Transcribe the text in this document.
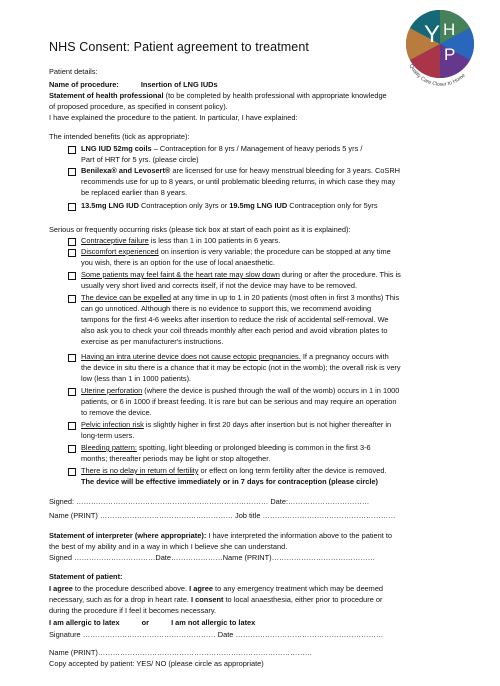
NHS Consent: Patient agreement to treatment	Y H
P
Quality Care Closer to Home
Patient details:
Name of procedure:	Insertion of LNG IUDs
Statement of health professional (to be completed by health professional with appropriate knowledge
of proposed procedure, as specified in consent policy).
I have explained the procedure to the patient. In particular, I have explained:
The intended benefits (tick as appropriate):
LNG IUD 52mg coils – Contraception for 8 yrs / Management of heavy periods 5 yrs /
Part of HRT for 5 yrs. (please circle)
Benilexa® and Levosert® are licensed for use for heavy menstrual bleeding for 3 years. CoSRH
recommends use for up to 8 years, or until problematic bleeding returns, in which case they may
be replaced earlier than 8 years.
13.5mg LNG IUD Contraception only 3yrs or 19.5mg LNG IUD Contraception only for 5yrs
Serious or frequently occurring risks (please tick box at start of each point as it is explained):
Contraceptive failure is less than 1 in 100 patients in 6 years.
Discomfort experienced on insertion is very variable; the procedure can be stopped at any time
you wish, there is an option for the use of local anaesthetic.
Some patients may feel faint & the heart rate may slow down during or after the procedure. This is
usually very short lived and corrects itself, if not the device may have to be removed.
The device can be expelled at any time in up to 1 in 20 patients (most often in first 3 months) This
can go unnoticed. Although there is no evidence to support this, we recommend avoiding
tampons for the first 4-6 weeks after insertion to reduce the risk of accidental self-removal. We
also ask you to check your coil threads monthly after each period and avoid vibration plates to
exercise as per manufacturer's instructions.
Having an intra uterine device does not cause ectopic pregnancies. If a pregnancy occurs with
the device in situ there is a chance that it may be ectopic (not in the womb); the overall risk is very
low (less than 1 in 1000 patients).
Uterine perforation (where the device is pushed through the wall of the womb) occurs in 1 in 1000
patients, or 6 in 1000 if breast feeding. It is rare but can be serious and may require an operation
to remove the device.
Pelvic infection risk is slightly higher in first 20 days after insertion but is not higher thereafter in
long-term users.
Bleeding pattern: spotting, light bleeding or prolonged bleeding is common in the first 3-6
months; thereafter periods may be light or stop altogether.
There is no delay in return of fertility or effect on long term fertility after the device is removed.
The device will be effective immediately or in 7 days for contraception (please circle)
Signed: …………………………………………………………………… Date:……………………………
Name (PRINT) ……………………………………………… Job title ………………………………………………
Statement of interpreter (where appropriate): I have interpreted the information above to the patient to
the best of my ability and in a way in which I believe she can understand.
Signed ……………………………Date…………………Name (PRINT)……………………………………
Statement of patient:
I agree to the procedure described above. I agree to any emergency treatment which may be deemed
necessary, such as for a drop in heart rate. I consent to local anaesthesia, either prior to procedure or
during the procedure if I feel it becomes necessary.
I am allergic to latex	or	I am not allergic to latex
Signature ……………………………………………… Date ……………………………………………………
Name (PRINT)……………………………………………………………………………
Copy accepted by patient: YES/ NO (please circle as appropriate)
